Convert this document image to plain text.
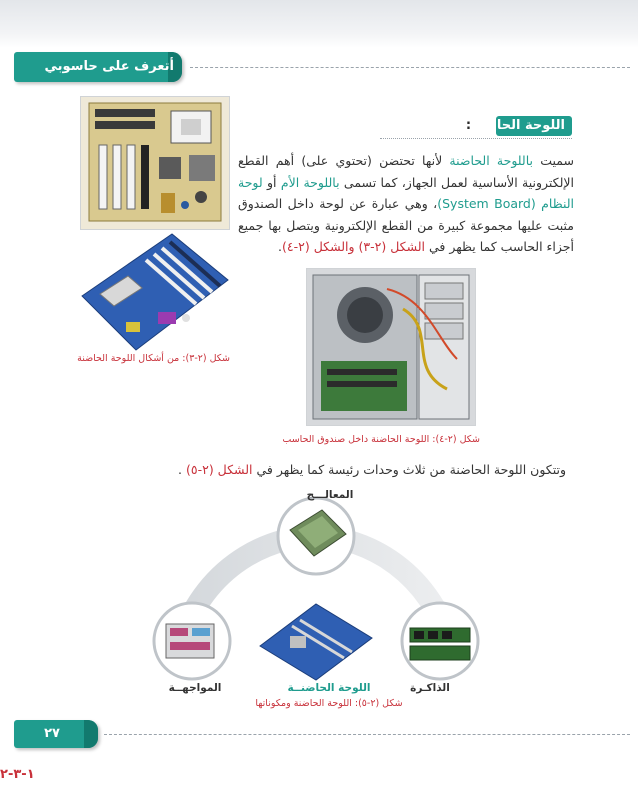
أتعرف على حاسوبي
شكل (٢-٣): من أشكال اللوحة الحاضنة
شكل (٢-٤): اللوحة الحاضنة داخل صندوق الحاسب
اللوحة الحاضنة:
سميت باللوحة الحاضنة لأنها تحتضن (تحتوي على) أهم القطع الإلكترونية الأساسية لعمل الجهاز، كما تسمى باللوحة الأم أو لوحة النظام (System Board)، وهي عبارة عن لوحة داخل الصندوق مثبت عليها مجموعة كبيرة من القطع الإلكترونية ويتصل بها جميع أجزاء الحاسب كما يظهر في الشكل (٢-٣) والشكل (٢-٤).
وتتكون اللوحة الحاضنة من ثلاث وحدات رئيسة كما يظهر في الشكل (٢-٥) .
المعالـــج
المواجهــة	اللوحة الحاضنــة	الذاكـرة
شكل (٢-٥): اللوحة الحاضنة ومكوناتها
٢٧
١-٣-٢
